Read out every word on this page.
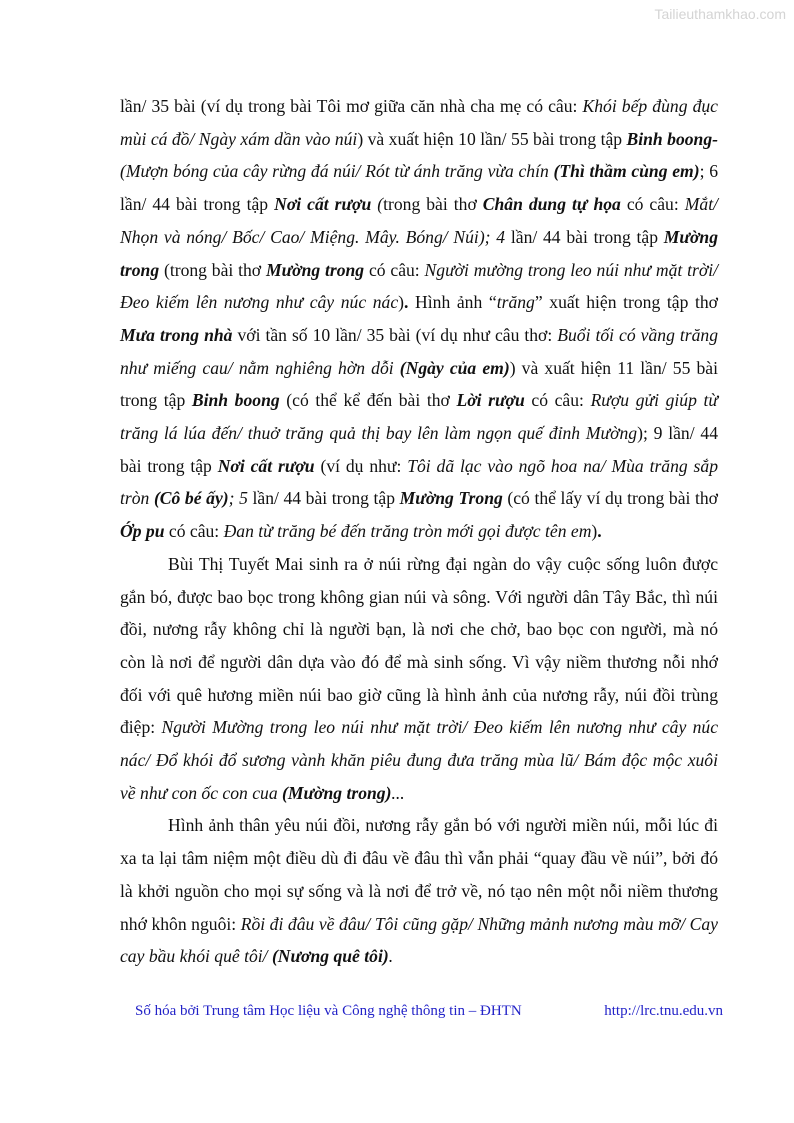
Tailieuthamkhao.com

lần/ 35 bài (ví dụ trong bài Tôi mơ giữa căn nhà cha mẹ có câu: Khói bếp đùng đục mùi cá đồ/ Ngày xám dần vào núi) và xuất hiện 10 lần/ 55 bài trong tập Binh boong- (Mượn bóng của cây rừng đá núi/ Rót từ ánh trăng vừa chín (Thì thầm cùng em); 6 lần/ 44 bài trong tập Nơi cất rượu (trong bài thơ Chân dung tự họa có câu: Mắt/ Nhọn và nóng/ Bốc/ Cao/ Miệng. Mây. Bóng/ Núi); 4 lần/ 44 bài trong tập Mường trong (trong bài thơ Mường trong có câu: Người mường trong leo núi như mặt trời/ Đeo kiếm lên nương như cây núc nác). Hình ảnh “trăng” xuất hiện trong tập thơ Mưa trong nhà với tần số 10 lần/ 35 bài (ví dụ như câu thơ: Buổi tối có vầng trăng như miếng cau/ nằm nghiêng hờn dỗi (Ngày của em)) và xuất hiện 11 lần/ 55 bài trong tập Binh boong (có thể kể đến bài thơ Lời rượu có câu: Rượu gửi giúp từ trăng lá lúa đến/ thuở trăng quả thị bay lên làm ngọn quế đỉnh Mường); 9 lần/ 44 bài trong tập Nơi cất rượu (ví dụ như: Tôi dã lạc vào ngõ hoa na/ Mùa trăng sắp tròn (Cô bé ấy); 5 lần/ 44 bài trong tập Mường Trong (có thể lấy ví dụ trong bài thơ Ớp pu có câu: Đan từ trăng bé đến trăng tròn mới gọi được tên em).

Bùi Thị Tuyết Mai sinh ra ở núi rừng đại ngàn do vậy cuộc sống luôn được gắn bó, được bao bọc trong không gian núi và sông. Với người dân Tây Bắc, thì núi đồi, nương rẫy không chỉ là người bạn, là nơi che chở, bao bọc con người, mà nó còn là nơi để người dân dựa vào đó để mà sinh sống. Vì vậy niềm thương nỗi nhớ đối với quê hương miền núi bao giờ cũng là hình ảnh của nương rẫy, núi đồi trùng điệp: Người Mường trong leo núi như mặt trời/ Đeo kiếm lên nương như cây núc nác/ Đổ khói đổ sương vành khăn piêu đung đưa trăng mùa lũ/ Bám độc mộc xuôi về như con ốc con cua (Mường trong)...

Hình ảnh thân yêu núi đồi, nương rẫy gắn bó với người miền núi, mỗi lúc đi xa ta lại tâm niệm một điều dù đi đâu về đâu thì vẫn phải “quay đầu về núi”, bởi đó là khởi nguồn cho mọi sự sống và là nơi để trở về, nó tạo nên một nỗi niềm thương nhớ khôn nguôi: Rồi đi đâu về đâu/ Tôi cũng gặp/ Những mảnh nương màu mỡ/ Cay cay bầu khói quê tôi/ (Nương quê tôi).

Số hóa bởi Trung tâm Học liệu và Công nghệ thông tin – ĐHTN	http://lrc.tnu.edu.vn
